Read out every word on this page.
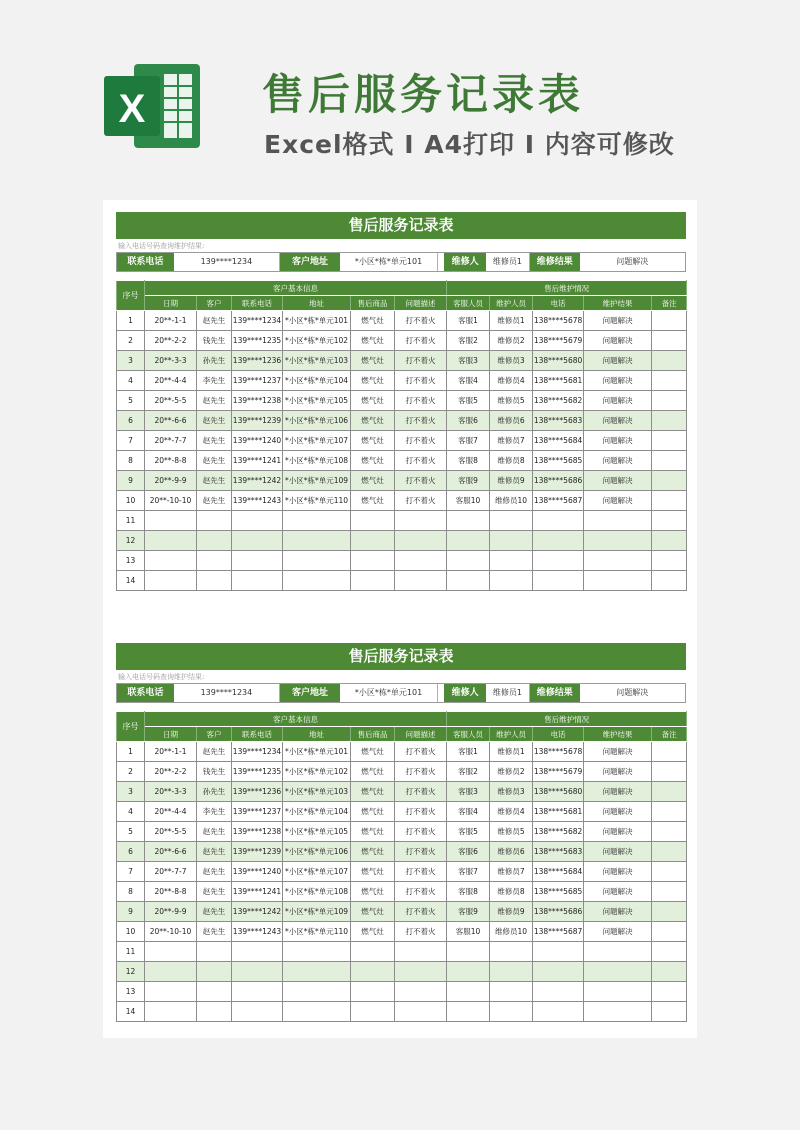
X	售后服务记录表
Excel格式 I A4打印 I 内容可修改
售后服务记录表
输入电话号码查询维护结果:
联系电话	139****1234	客户地址	*小区*栋*单元101	维修人	维修员1	维修结果	问题解决
序号	客户基本信息						售后维护情况				
	日期	客户	联系电话	地址	售后商品	问题描述	客服人员	维护人员	电话	维护结果	备注
1	20**-1-1	赵先生	139****1234	*小区*栋*单元101	燃气灶	打不着火	客服1	维修员1	138****5678	问题解决	
2	20**-2-2	钱先生	139****1235	*小区*栋*单元102	燃气灶	打不着火	客服2	维修员2	138****5679	问题解决	
3	20**-3-3	孙先生	139****1236	*小区*栋*单元103	燃气灶	打不着火	客服3	维修员3	138****5680	问题解决	
4	20**-4-4	李先生	139****1237	*小区*栋*单元104	燃气灶	打不着火	客服4	维修员4	138****5681	问题解决	
5	20**-5-5	赵先生	139****1238	*小区*栋*单元105	燃气灶	打不着火	客服5	维修员5	138****5682	问题解决	
6	20**-6-6	赵先生	139****1239	*小区*栋*单元106	燃气灶	打不着火	客服6	维修员6	138****5683	问题解决	
7	20**-7-7	赵先生	139****1240	*小区*栋*单元107	燃气灶	打不着火	客服7	维修员7	138****5684	问题解决	
8	20**-8-8	赵先生	139****1241	*小区*栋*单元108	燃气灶	打不着火	客服8	维修员8	138****5685	问题解决	
9	20**-9-9	赵先生	139****1242	*小区*栋*单元109	燃气灶	打不着火	客服9	维修员9	138****5686	问题解决	
10	20**-10-10	赵先生	139****1243	*小区*栋*单元110	燃气灶	打不着火	客服10	维修员10	138****5687	问题解决	
11											
12											
13											
14											
售后服务记录表
输入电话号码查询维护结果:
联系电话	139****1234	客户地址	*小区*栋*单元101	维修人	维修员1	维修结果	问题解决
序号	客户基本信息						售后维护情况				
	日期	客户	联系电话	地址	售后商品	问题描述	客服人员	维护人员	电话	维护结果	备注
1	20**-1-1	赵先生	139****1234	*小区*栋*单元101	燃气灶	打不着火	客服1	维修员1	138****5678	问题解决	
2	20**-2-2	钱先生	139****1235	*小区*栋*单元102	燃气灶	打不着火	客服2	维修员2	138****5679	问题解决	
3	20**-3-3	孙先生	139****1236	*小区*栋*单元103	燃气灶	打不着火	客服3	维修员3	138****5680	问题解决	
4	20**-4-4	李先生	139****1237	*小区*栋*单元104	燃气灶	打不着火	客服4	维修员4	138****5681	问题解决	
5	20**-5-5	赵先生	139****1238	*小区*栋*单元105	燃气灶	打不着火	客服5	维修员5	138****5682	问题解决	
6	20**-6-6	赵先生	139****1239	*小区*栋*单元106	燃气灶	打不着火	客服6	维修员6	138****5683	问题解决	
7	20**-7-7	赵先生	139****1240	*小区*栋*单元107	燃气灶	打不着火	客服7	维修员7	138****5684	问题解决	
8	20**-8-8	赵先生	139****1241	*小区*栋*单元108	燃气灶	打不着火	客服8	维修员8	138****5685	问题解决	
9	20**-9-9	赵先生	139****1242	*小区*栋*单元109	燃气灶	打不着火	客服9	维修员9	138****5686	问题解决	
10	20**-10-10	赵先生	139****1243	*小区*栋*单元110	燃气灶	打不着火	客服10	维修员10	138****5687	问题解决	
11											
12											
13											
14											
